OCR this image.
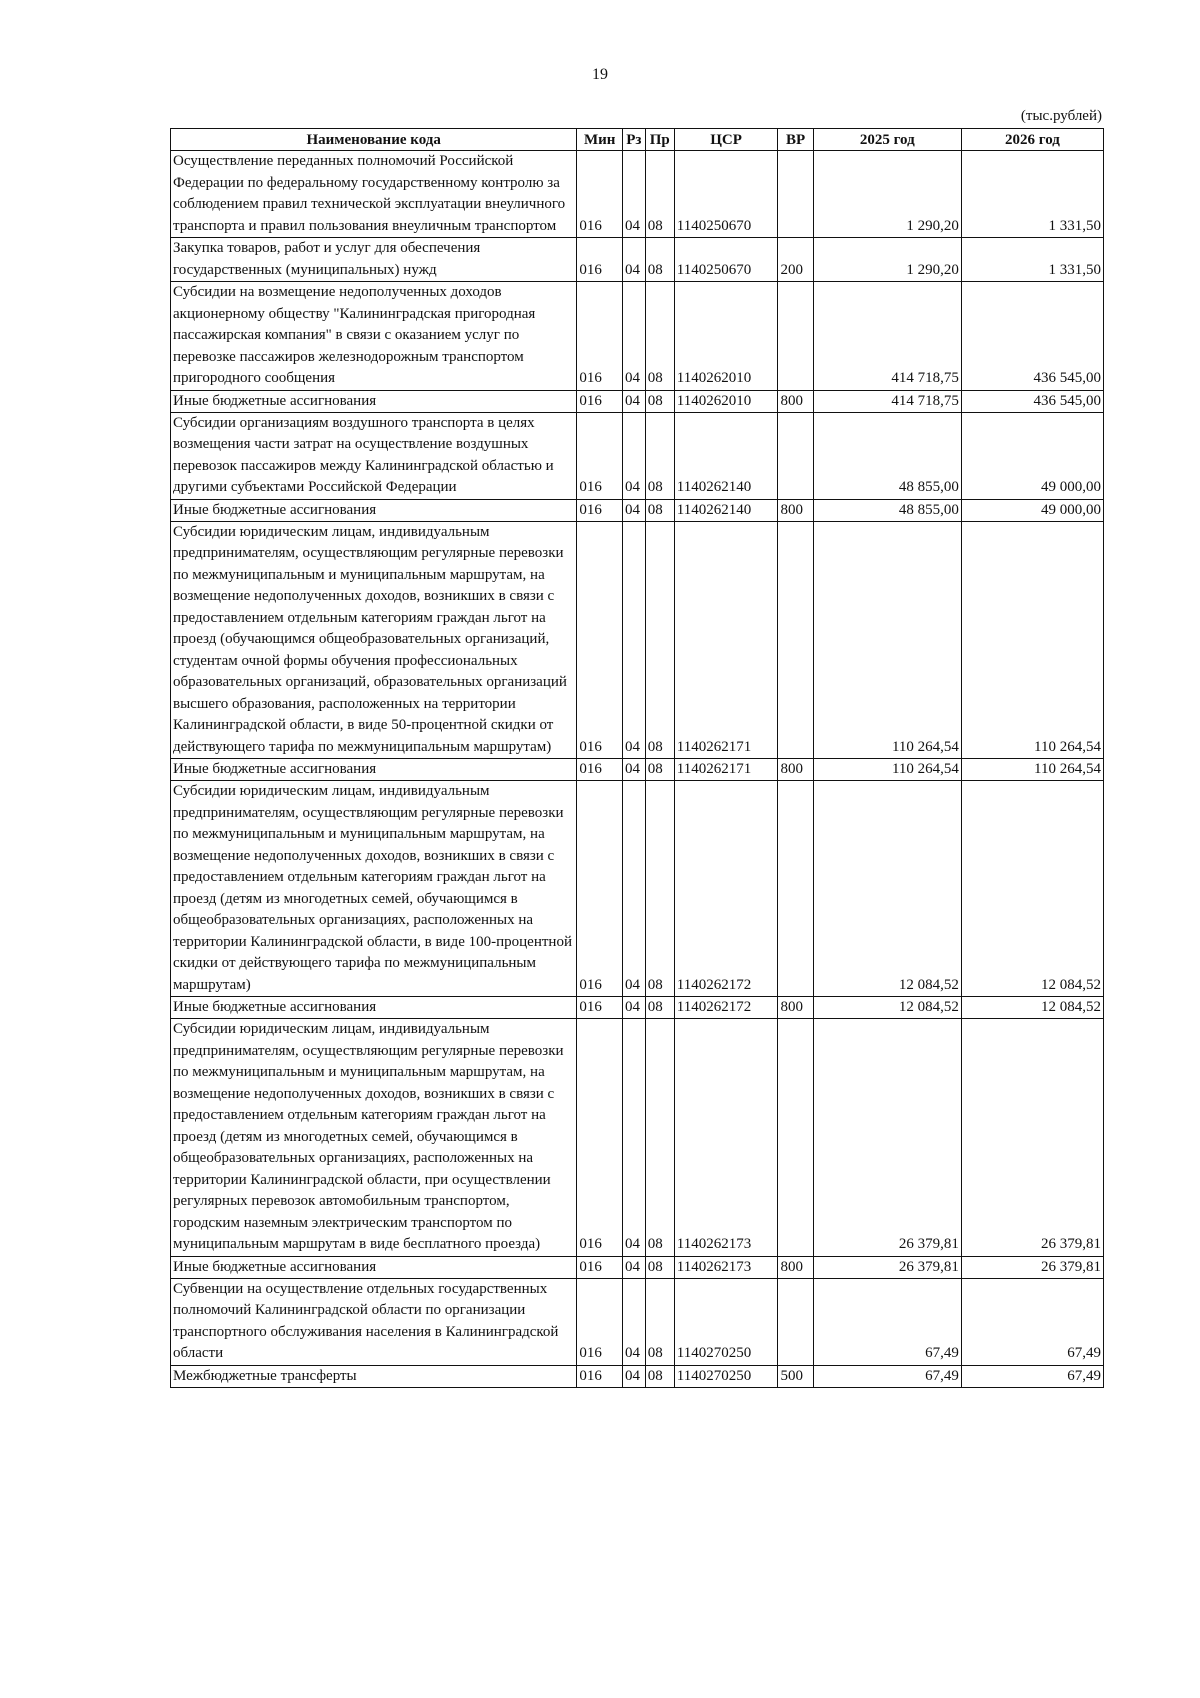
19
(тыс.рублей)
Наименование кода	Мин	Рз	Пр	ЦСР	ВР	2025 год	2026 год
Осуществление переданных полномочий Российской Федерации по федеральному государственному контролю за соблюдением правил технической эксплуатации внеуличного транспорта и правил пользования внеуличным транспортом	016	04	08	1140250670		1 290,20	1 331,50
Закупка товаров, работ и услуг для обеспечения государственных (муниципальных) нужд	016	04	08	1140250670	200	1 290,20	1 331,50
Субсидии на возмещение недополученных доходов акционерному обществу "Калининградская пригородная пассажирская компания" в связи с оказанием услуг по перевозке пассажиров железнодорожным транспортом пригородного сообщения	016	04	08	1140262010		414 718,75	436 545,00
Иные бюджетные ассигнования	016	04	08	1140262010	800	414 718,75	436 545,00
Субсидии организациям воздушного транспорта в целях возмещения части затрат на осуществление воздушных перевозок пассажиров между Калининградской областью и другими субъектами Российской Федерации	016	04	08	1140262140		48 855,00	49 000,00
Иные бюджетные ассигнования	016	04	08	1140262140	800	48 855,00	49 000,00
Субсидии юридическим лицам, индивидуальным предпринимателям, осуществляющим регулярные перевозки по межмуниципальным и муниципальным маршрутам, на возмещение недополученных доходов, возникших в связи с предоставлением отдельным категориям граждан льгот на проезд (обучающимся общеобразовательных организаций, студентам очной формы обучения профессиональных образовательных организаций, образовательных организаций высшего образования, расположенных на территории Калининградской области, в виде 50-процентной скидки от действующего тарифа по межмуниципальным маршрутам)	016	04	08	1140262171		110 264,54	110 264,54
Иные бюджетные ассигнования	016	04	08	1140262171	800	110 264,54	110 264,54
Субсидии юридическим лицам, индивидуальным предпринимателям, осуществляющим регулярные перевозки по межмуниципальным и муниципальным маршрутам, на возмещение недополученных доходов, возникших в связи с предоставлением отдельным категориям граждан льгот на проезд (детям из многодетных семей, обучающимся в общеобразовательных организациях, расположенных на территории Калининградской области, в виде 100-процентной скидки от действующего тарифа по межмуниципальным маршрутам)	016	04	08	1140262172		12 084,52	12 084,52
Иные бюджетные ассигнования	016	04	08	1140262172	800	12 084,52	12 084,52
Субсидии юридическим лицам, индивидуальным предпринимателям, осуществляющим регулярные перевозки по межмуниципальным и муниципальным маршрутам, на возмещение недополученных доходов, возникших в связи с предоставлением отдельным категориям граждан льгот на проезд (детям из многодетных семей, обучающимся в общеобразовательных организациях, расположенных на территории Калининградской области, при осуществлении регулярных перевозок автомобильным транспортом, городским наземным электрическим транспортом по муниципальным маршрутам в виде бесплатного проезда)	016	04	08	1140262173		26 379,81	26 379,81
Иные бюджетные ассигнования	016	04	08	1140262173	800	26 379,81	26 379,81
Субвенции на осуществление отдельных государственных полномочий Калининградской области по организации транспортного обслуживания населения в Калининградской области	016	04	08	1140270250		67,49	67,49
Межбюджетные трансферты	016	04	08	1140270250	500	67,49	67,49
